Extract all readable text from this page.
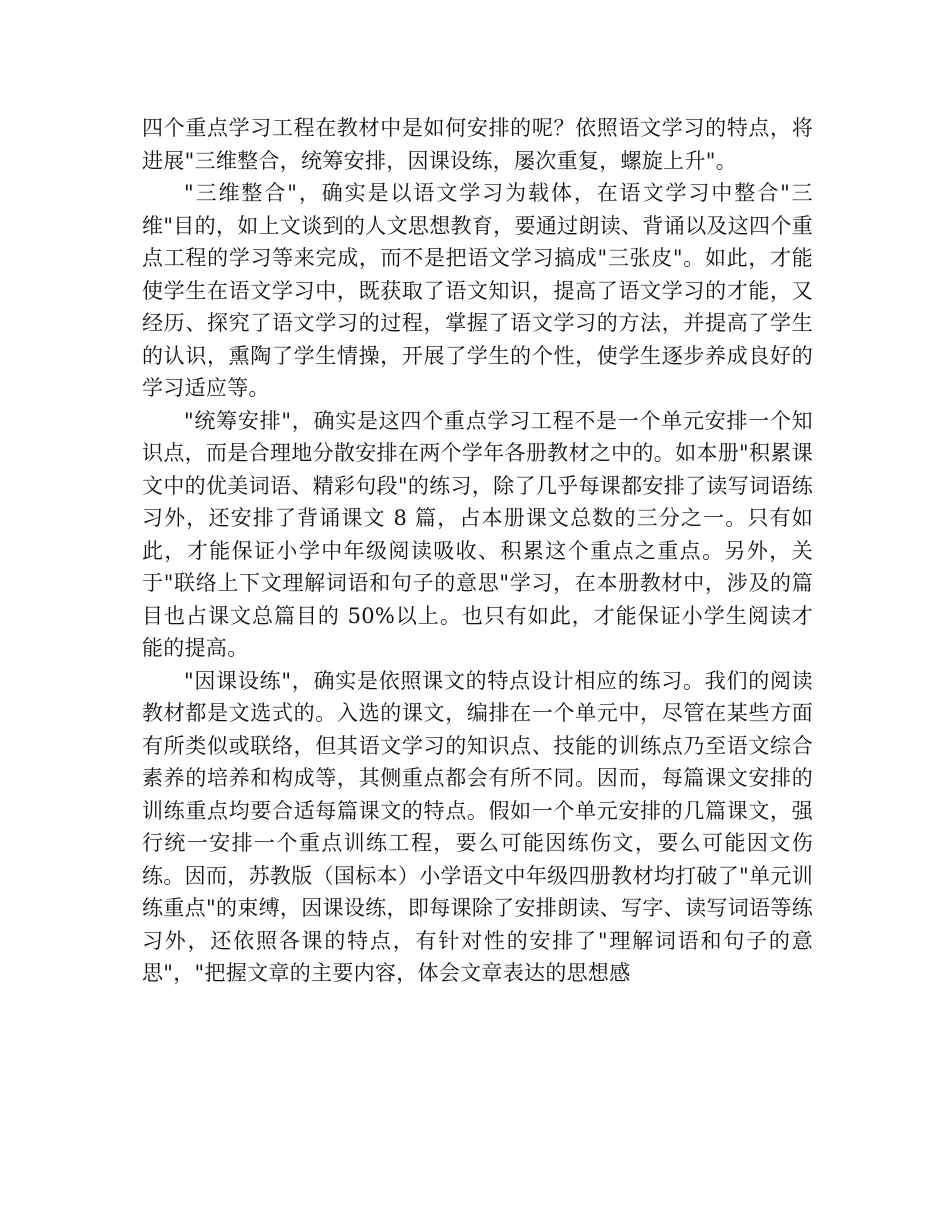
四个重点学习工程在教材中是如何安排的呢？依照语文学习的特点，将进展"三维整合，统筹安排，因课设练，屡次重复，螺旋上升"。

"三维整合"，确实是以语文学习为载体，在语文学习中整合"三维"目的，如上文谈到的人文思想教育，要通过朗读、背诵以及这四个重点工程的学习等来完成，而不是把语文学习搞成"三张皮"。如此，才能使学生在语文学习中，既获取了语文知识，提高了语文学习的才能，又经历、探究了语文学习的过程，掌握了语文学习的方法，并提高了学生的认识，熏陶了学生情操，开展了学生的个性，使学生逐步养成良好的学习适应等。

"统筹安排"，确实是这四个重点学习工程不是一个单元安排一个知识点，而是合理地分散安排在两个学年各册教材之中的。如本册"积累课文中的优美词语、精彩句段"的练习，除了几乎每课都安排了读写词语练习外，还安排了背诵课文 8 篇，占本册课文总数的三分之一。只有如此，才能保证小学中年级阅读吸收、积累这个重点之重点。另外，关于"联络上下文理解词语和句子的意思"学习，在本册教材中，涉及的篇目也占课文总篇目的 50%以上。也只有如此，才能保证小学生阅读才能的提高。

"因课设练"，确实是依照课文的特点设计相应的练习。我们的阅读教材都是文选式的。入选的课文，编排在一个单元中，尽管在某些方面有所类似或联络，但其语文学习的知识点、技能的训练点乃至语文综合素养的培养和构成等，其侧重点都会有所不同。因而，每篇课文安排的训练重点均要合适每篇课文的特点。假如一个单元安排的几篇课文，强行统一安排一个重点训练工程，要么可能因练伤文，要么可能因文伤练。因而，苏教版（国标本）小学语文中年级四册教材均打破了"单元训练重点"的束缚，因课设练，即每课除了安排朗读、写字、读写词语等练习外，还依照各课的特点，有针对性的安排了"理解词语和句子的意思"，"把握文章的主要内容，体会文章表达的思想感
